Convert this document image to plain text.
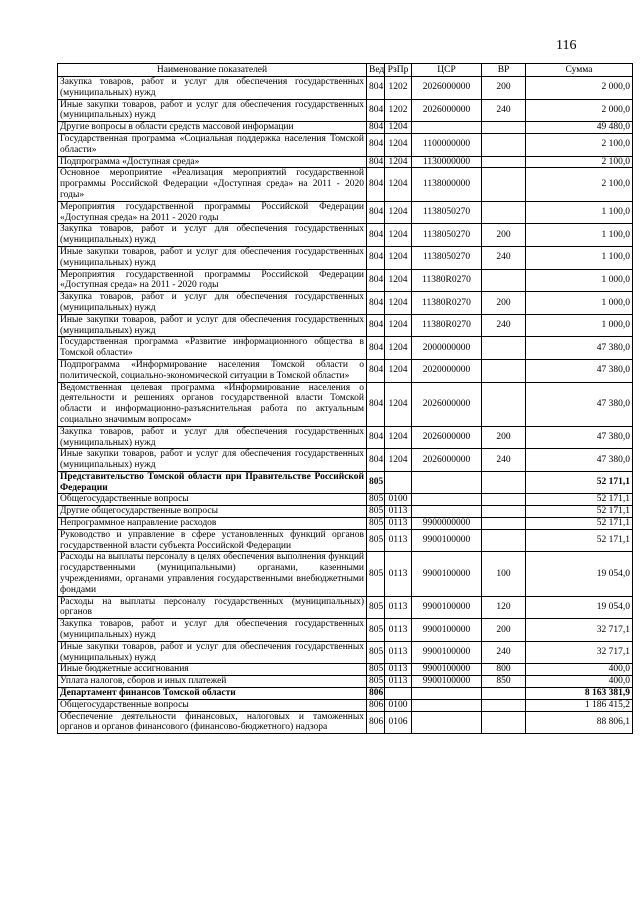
116
Наименование показателей	Вед	РзПр	ЦСР	ВР	Сумма
Закупка товаров, работ и услуг для обеспечения государственных (муниципальных) нужд	804	1202	2026000000	200	2 000,0
Иные закупки товаров, работ и услуг для обеспечения государственных (муниципальных) нужд	804	1202	2026000000	240	2 000,0
Другие вопросы в области средств массовой информации	804	1204			49 480,0
Государственная программа «Социальная поддержка населения Томской области»	804	1204	1100000000		2 100,0
Подпрограмма «Доступная среда»	804	1204	1130000000		2 100,0
Основное мероприятие «Реализация мероприятий государственной программы Российской Федерации «Доступная среда» на 2011 - 2020 годы»	804	1204	1138000000		2 100,0
Мероприятия государственной программы Российской Федерации «Доступная среда» на 2011 - 2020 годы	804	1204	1138050270		1 100,0
Закупка товаров, работ и услуг для обеспечения государственных (муниципальных) нужд	804	1204	1138050270	200	1 100,0
Иные закупки товаров, работ и услуг для обеспечения государственных (муниципальных) нужд	804	1204	1138050270	240	1 100,0
Мероприятия государственной программы Российской Федерации «Доступная среда» на 2011 - 2020 годы	804	1204	11380R0270		1 000,0
Закупка товаров, работ и услуг для обеспечения государственных (муниципальных) нужд	804	1204	11380R0270	200	1 000,0
Иные закупки товаров, работ и услуг для обеспечения государственных (муниципальных) нужд	804	1204	11380R0270	240	1 000,0
Государственная программа «Развитие информационного общества в Томской области»	804	1204	2000000000		47 380,0
Подпрограмма «Информирование населения Томской области о политической, социально-экономической ситуации в Томской области»	804	1204	2020000000		47 380,0
Ведомственная целевая программа «Информирование населения о деятельности и решениях органов государственной власти Томской области и информационно-разъяснительная работа по актуальным социально значимым вопросам»	804	1204	2026000000		47 380,0
Закупка товаров, работ и услуг для обеспечения государственных (муниципальных) нужд	804	1204	2026000000	200	47 380,0
Иные закупки товаров, работ и услуг для обеспечения государственных (муниципальных) нужд	804	1204	2026000000	240	47 380,0
Представительство Томской области при Правительстве Российской Федерации	805				52 171,1
Общегосударственные вопросы	805	0100			52 171,1
Другие общегосударственные вопросы	805	0113			52 171,1
Непрограммное направление расходов	805	0113	9900000000		52 171,1
Руководство и управление в сфере установленных функций органов государственной власти субъекта Российской Федерации	805	0113	9900100000		52 171,1
Расходы на выплаты персоналу в целях обеспечения выполнения функций государственными (муниципальными) органами, казенными учреждениями, органами управления государственными внебюджетными фондами	805	0113	9900100000	100	19 054,0
Расходы на выплаты персоналу государственных (муниципальных) органов	805	0113	9900100000	120	19 054,0
Закупка товаров, работ и услуг для обеспечения государственных (муниципальных) нужд	805	0113	9900100000	200	32 717,1
Иные закупки товаров, работ и услуг для обеспечения государственных (муниципальных) нужд	805	0113	9900100000	240	32 717,1
Иные бюджетные ассигнования	805	0113	9900100000	800	400,0
Уплата налогов, сборов и иных платежей	805	0113	9900100000	850	400,0
Департамент финансов Томской области	806				8 163 381,9
Общегосударственные вопросы	806	0100			1 186 415,2
Обеспечение деятельности финансовых, налоговых и таможенных органов и органов финансового (финансово-бюджетного) надзора	806	0106			88 806,1
